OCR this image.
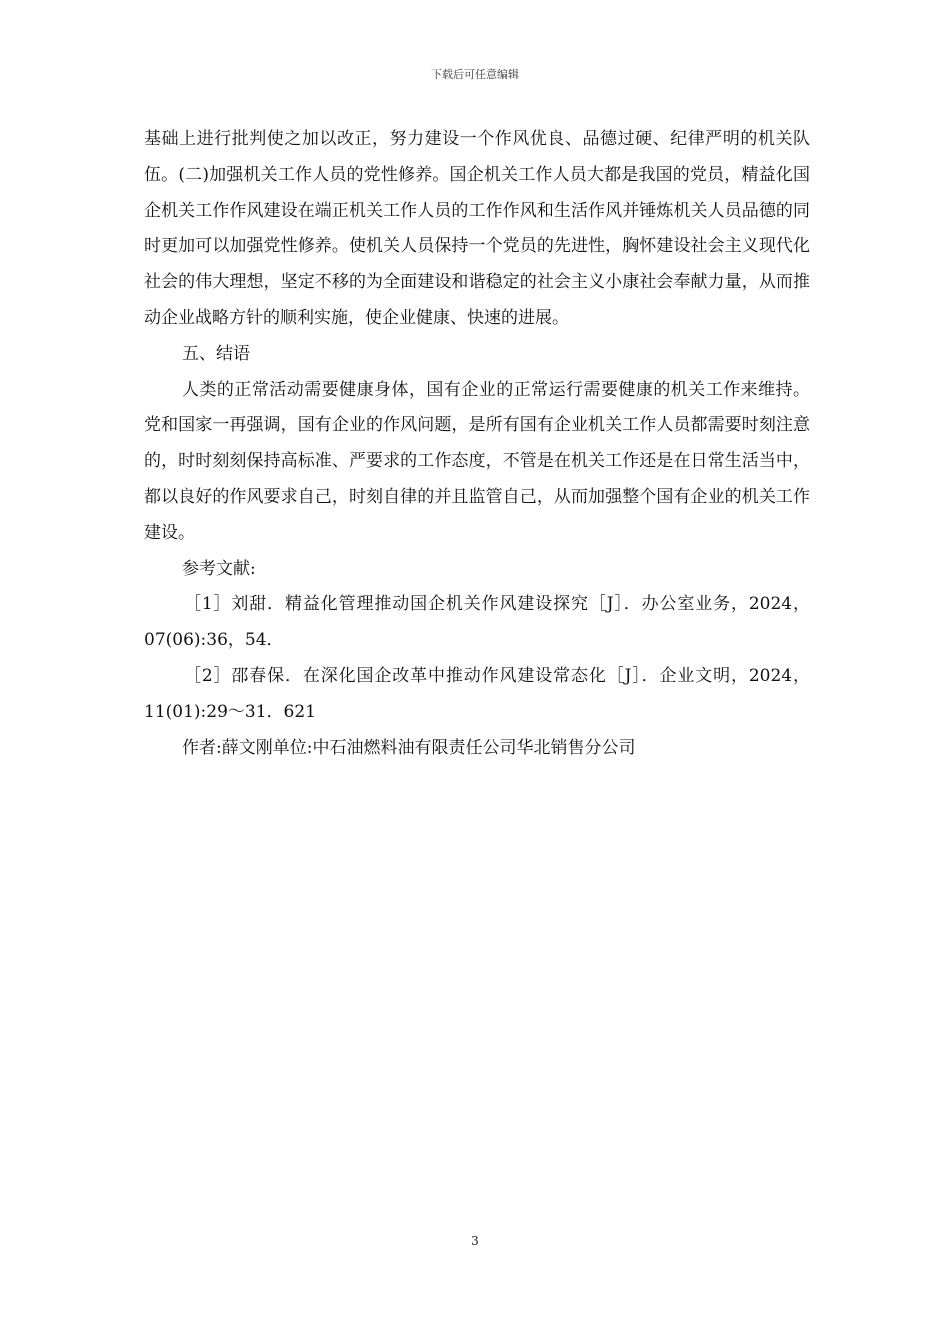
下载后可任意编辑

基础上进行批判使之加以改正，努力建设一个作风优良、品德过硬、纪律严明的机关队伍。(二)加强机关工作人员的党性修养。国企机关工作人员大都是我国的党员，精益化国企机关工作作风建设在端正机关工作人员的工作作风和生活作风并锤炼机关人员品德的同时更加可以加强党性修养。使机关人员保持一个党员的先进性，胸怀建设社会主义现代化社会的伟大理想，坚定不移的为全面建设和谐稳定的社会主义小康社会奉献力量，从而推动企业战略方针的顺利实施，使企业健康、快速的进展。

五、结语

人类的正常活动需要健康身体，国有企业的正常运行需要健康的机关工作来维持。党和国家一再强调，国有企业的作风问题，是所有国有企业机关工作人员都需要时刻注意的，时时刻刻保持高标准、严要求的工作态度，不管是在机关工作还是在日常生活当中，都以良好的作风要求自己，时刻自律的并且监管自己，从而加强整个国有企业的机关工作建设。

参考文献:

［1］刘甜．精益化管理推动国企机关作风建设探究［J］．办公室业务，2024，07(06):36，54．

［2］邵春保．在深化国企改革中推动作风建设常态化［J］．企业文明，2024，11(01):29～31．621

作者:薛文刚单位:中石油燃料油有限责任公司华北销售分公司

3
